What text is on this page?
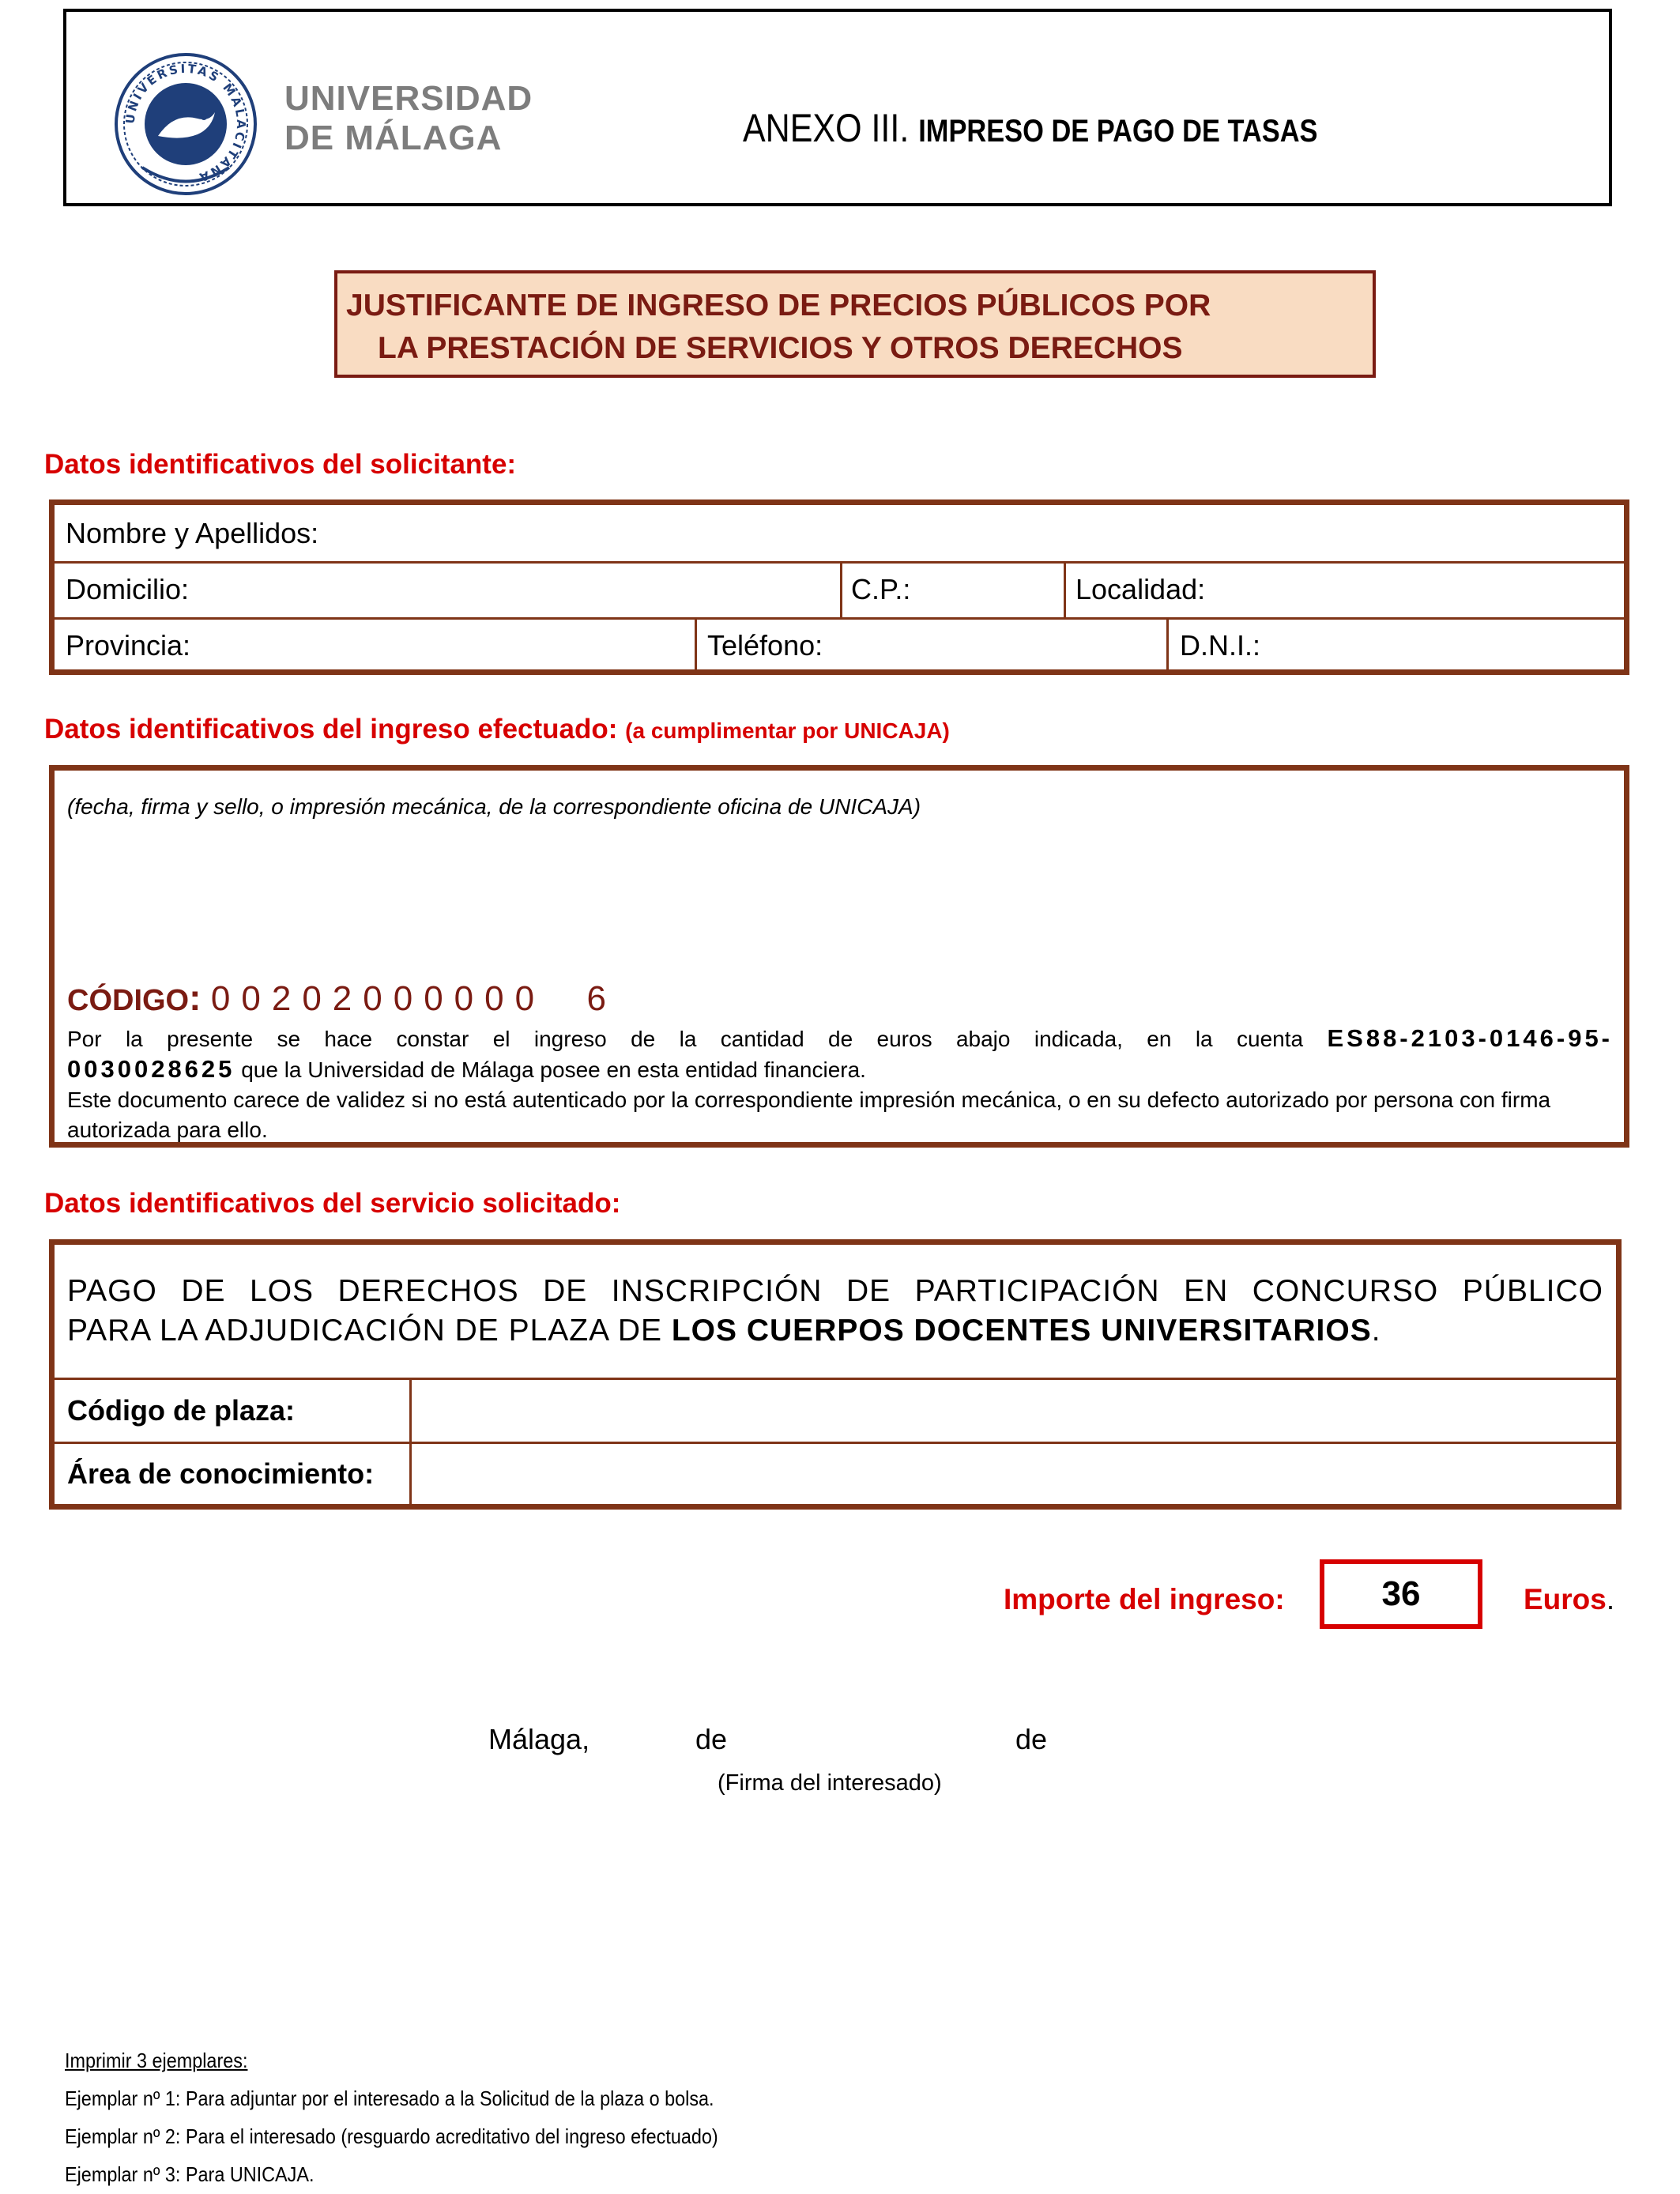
UNIVERSITAS MALACITANA
UNIVERSIDAD
DE MÁLAGA	ANEXO III. IMPRESO DE PAGO DE TASAS
JUSTIFICANTE DE INGRESO DE PRECIOS PÚBLICOS POR
LA PRESTACIÓN DE SERVICIOS Y OTROS DERECHOS
Datos identificativos del solicitante:
Nombre y Apellidos:
Domicilio:	C.P.:	Localidad:
Provincia:	Teléfono:	D.N.I.:
Datos identificativos del ingreso efectuado: (a cumplimentar por UNICAJA)
(fecha, firma y sello, o impresión mecánica, de la correspondiente oficina de UNICAJA)
CÓDIGO: 00202000000 6
Por la presente se hace constar el ingreso de la cantidad de euros abajo indicada, en la cuenta ES88-2103-0146-95-
0030028625 que la Universidad de Málaga posee en esta entidad financiera.
Este documento carece de validez si no está autenticado por la correspondiente impresión mecánica, o en su defecto autorizado por persona con firma autorizada para ello.
Datos identificativos del servicio solicitado:
PAGO DE LOS DERECHOS DE INSCRIPCIÓN DE PARTICIPACIÓN EN CONCURSO PÚBLICO
PARA LA ADJUDICACIÓN DE PLAZA DE LOS CUERPOS DOCENTES UNIVERSITARIOS.
Código de plaza:
Área de conocimiento:
Importe del ingreso:	36	Euros.
Málaga,	de	de
(Firma del interesado)
Imprimir 3 ejemplares:
Ejemplar nº 1: Para adjuntar por el interesado a la Solicitud de la plaza o bolsa.
Ejemplar nº 2: Para el interesado (resguardo acreditativo del ingreso efectuado)
Ejemplar nº 3: Para UNICAJA.
